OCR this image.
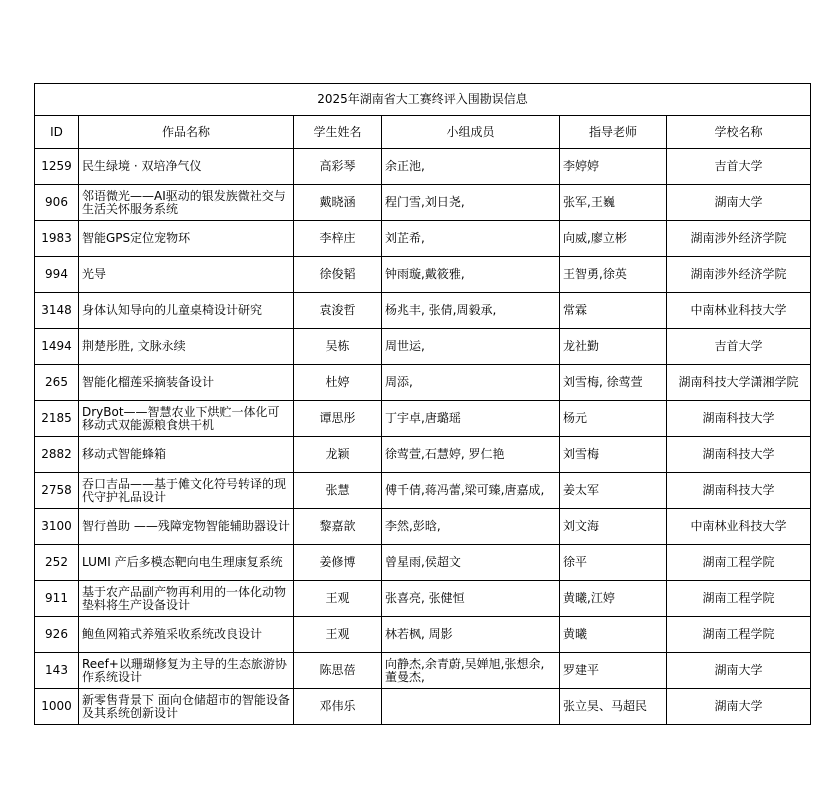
2025年湖南省大工赛终评入围勘误信息					
ID	作品名称	学生姓名	小组成员	指导老师	学校名称
1259	民生绿境 · 双培净气仪	高彩琴	余正池,	李婷婷	吉首大学
906	邻语微光——AI驱动的银发族微社交与生活关怀服务系统	戴晓涵	程门雪,刘日尧,	张军,王巍	湖南大学
1983	智能GPS定位宠物环	李梓庄	刘芷希,	向威,廖立彬	湖南涉外经济学院
994	光导	徐俊韬	钟雨璇,戴筱雅,	王智勇,徐英	湖南涉外经济学院
3148	身体认知导向的儿童桌椅设计研究	袁浚哲	杨兆丰, 张倩,周毅承,	常霖	中南林业科技大学
1494	荆楚彤胜, 文脉永续	吴栋	周世运,	龙社勤	吉首大学
265	智能化榴莲采摘装备设计	杜婷	周添,	刘雪梅, 徐莺萱	湖南科技大学潇湘学院
2185	DryBot——智慧农业下烘贮一体化可移动式双能源粮食烘干机	谭思彤	丁宇卓,唐璐瑶	杨元	湖南科技大学
2882	移动式智能蜂箱	龙颖	徐莺萱,石慧婷, 罗仁艳	刘雪梅	湖南科技大学
2758	吞口吉品——基于傩文化符号转译的现代守护礼品设计	张慧	傅千倩,蒋冯蕾,梁可臻,唐嘉成,	姜太军	湖南科技大学
3100	智行兽助 ——残障宠物智能辅助器设计	黎嘉歆	李然,彭晗,	刘文海	中南林业科技大学
252	LUMI 产后多模态靶向电生理康复系统	姜修博	曾星雨,侯超文	徐平	湖南工程学院
911	基于农产品副产物再利用的一体化动物垫料将生产设备设计	王观	张喜亮, 张健恒	黄曦,江婷	湖南工程学院
926	鲍鱼网箱式养殖采收系统改良设计	王观	林若枫, 周影	黄曦	湖南工程学院
143	Reef+以珊瑚修复为主导的生态旅游协作系统设计	陈思蓓	向静杰,余青蔚,吴婵旭,张想余,董曼杰,	罗建平	湖南大学
1000	新零售背景下 面向仓储超市的智能设备及其系统创新设计	邓伟乐		张立昊、马超民	湖南大学
